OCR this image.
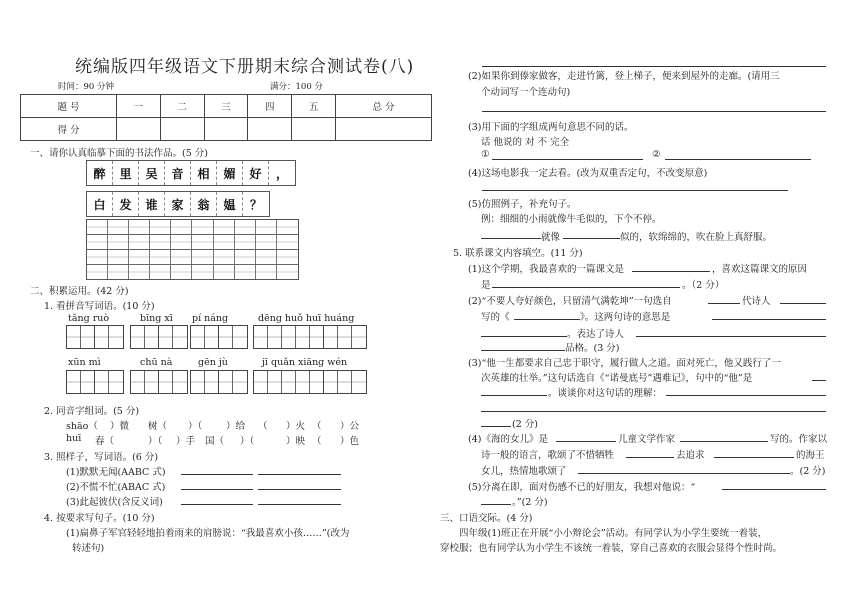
统编版四年级语文下册期末综合测试卷(八)
时间：90 分钟	满分：100 分
题 号	一	二	三	四	五	总 分
得 分						
一、请你认真临摹下面的书法作品。(5 分)
醉	里	吴	音	相	媚	好	，
白	发	谁	家	翁	媪	？
二、积累运用。(42 分)
1. 看拼音写词语。(10 分)
tǎng ruò	bīng xī pí náng	dēng huǒ huī huáng
xūn mì	chū nà	gēn jù	jī quǎn xiāng wén
2. 同音字组词。(5 分)
shāo（ ）微 树（ ）（ ）给 （ ）火 （ ）公
huī 春（	）（ ）手 国（ ）（	）映 （ ）色
3. 照样子，写词语。(6 分)
(1)默默无闻(AABC 式)
(2)不慌不忙(ABAC 式)
(3)此起彼伏(含反义词)
4. 按要求写句子。(10 分)
(1)扁鼻子军官轻轻地拍着雨来的肩膀说：“我最喜欢小孩……”(改为
转述句)
(2)如果你到傣家做客，走进竹篱，登上梯子，便来到屋外的走廊。(请用三
个动词写一个连动句)
(3)用下面的字组成两句意思不同的话。
话 他说的 对 不 完全
①	②
(4)这场电影我一定去看。(改为双重否定句，不改变原意)
(5)仿照例子，补充句子。
例：细细的小雨就像牛毛似的，下个不停。
就像	似的，软绵绵的，吹在脸上真舒服。
5. 联系课文内容填空。(11 分)
(1)这个学期，我最喜欢的一篇课文是	，喜欢这篇课文的原因
是	。（2 分）
(2)“不要人夸好颜色，只留清气满乾坤”一句选自	代诗人
写的《	》。这两句诗的意思是
。表达了诗人
品格。(3 分)
(3)“他一生都要求自己忠于职守，履行做人之道。面对死亡，他又践行了一
次英雄的壮举。”这句话选自《“诺曼底号”遇难记》，句中的“他”是
。谈谈你对这句话的理解：
(2 分)
(4)《海的女儿》是	儿童文学作家	写的。作家以
诗一般的语言，歌颂了不惜牺牲	去追求	的海王
女儿，热情地歌颂了	。(2 分)
(5)分离在即，面对伤感不已的好朋友，我想对他说：“
。”(2 分)
三、口语交际。(4 分)
四年级(1)班正在开展“小小辩论会”活动。有同学认为小学生要统一着装，
穿校服；也有同学认为小学生不该统一着装，穿自己喜欢的衣服会显得个性时尚。
